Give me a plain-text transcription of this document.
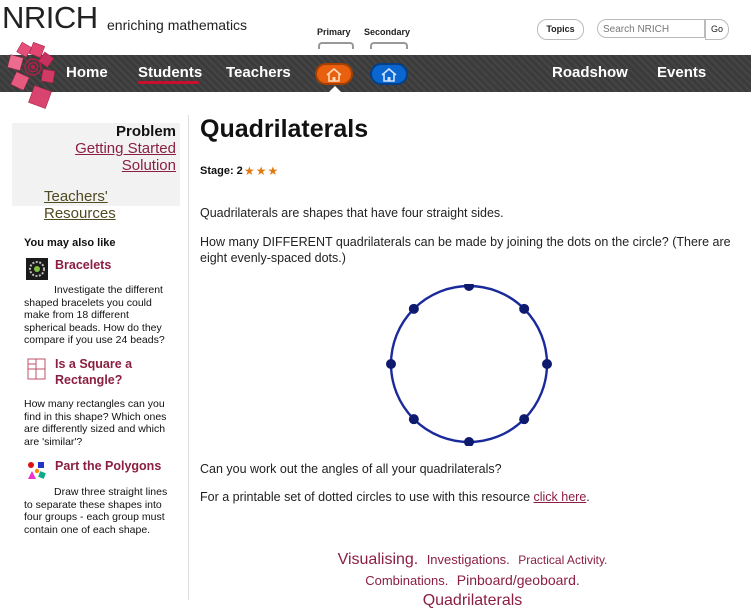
NRICH enriching mathematics	Primary Secondary	Topics	Search NRICH	Go
Home Students Teachers	Roadshow Events
Problem
Getting Started
Solution
Teachers' Resources
You may also like
Bracelets
Investigate the different shaped bracelets you could make from 18 different spherical beads. How do they compare if you use 24 beads?
Is a Square a Rectangle?
How many rectangles can you find in this shape? Which ones are differently sized and which are 'similar'?
Part the Polygons
Draw three straight lines to separate these shapes into four groups - each group must contain one of each shape.
Quadrilaterals
Stage: 2 ★★★
Quadrilaterals are shapes that have four straight sides.
How many DIFFERENT quadrilaterals can be made by joining the dots on the circle? (There are eight evenly-spaced dots.)
Can you work out the angles of all your quadrilaterals?
For a printable set of dotted circles to use with this resource click here.
Visualising. Investigations. Practical Activity.
Combinations. Pinboard/geoboard.
Quadrilaterals
